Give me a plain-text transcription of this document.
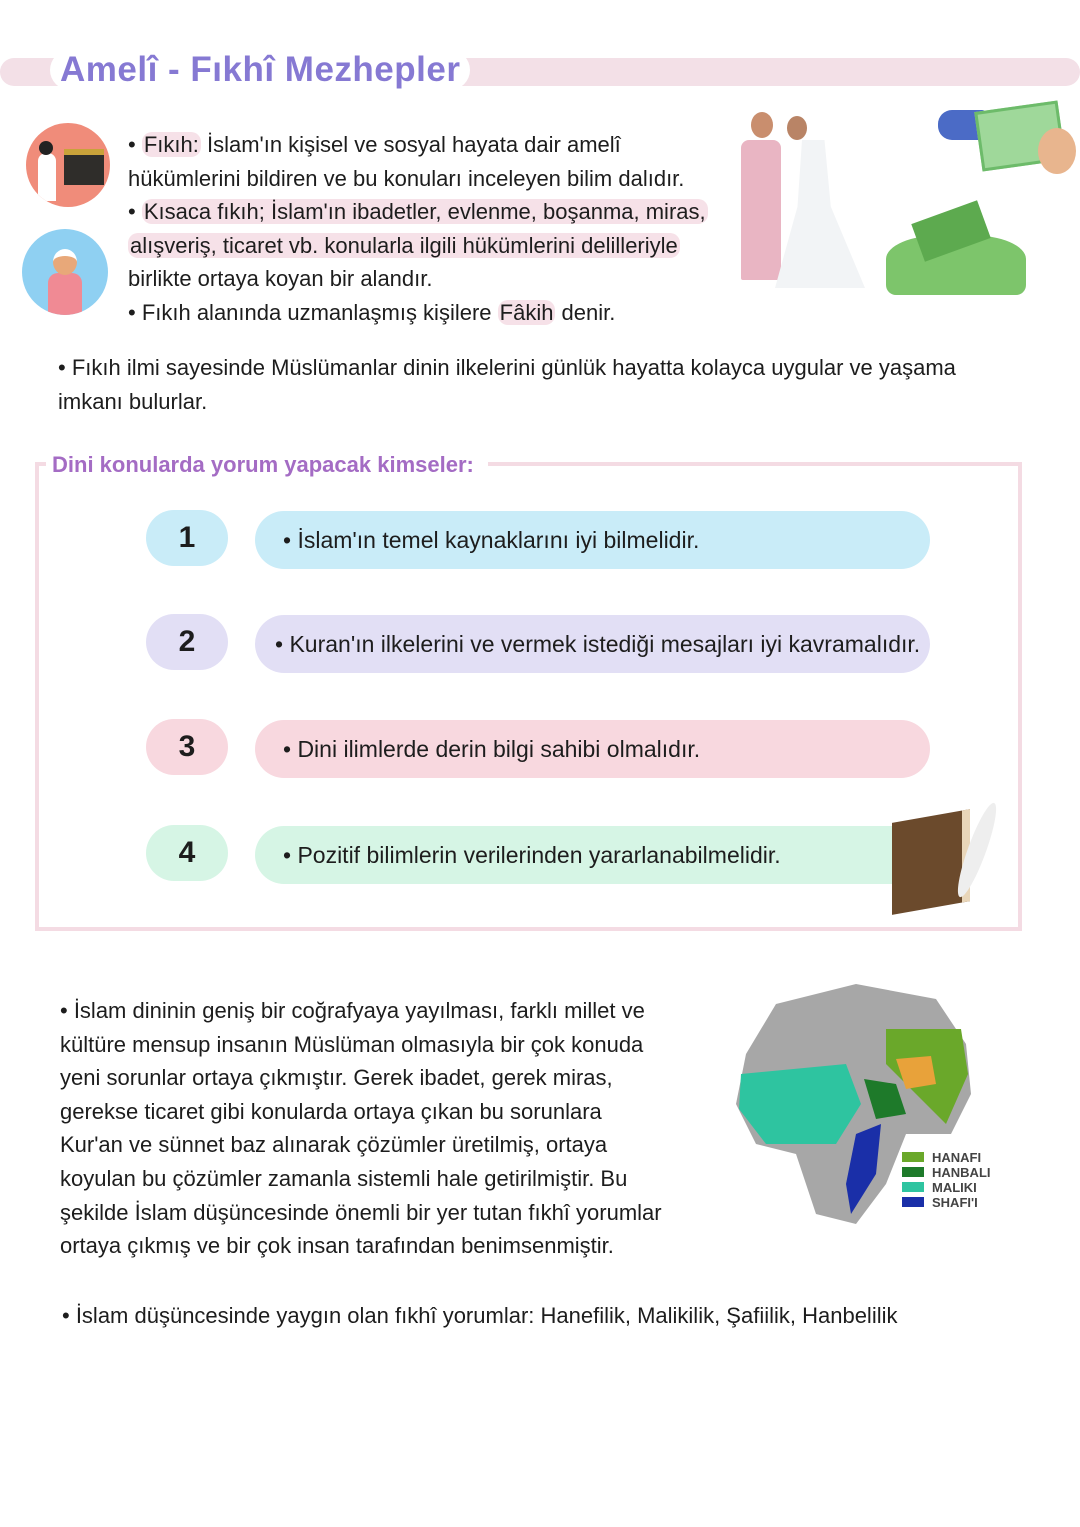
Amelî - Fıkhî Mezhepler
• Fıkıh: İslam'ın kişisel ve sosyal hayata dair amelî
hükümlerini bildiren ve bu konuları inceleyen bilim dalıdır.
• Kısaca fıkıh; İslam'ın ibadetler, evlenme, boşanma, miras,
alışveriş, ticaret vb. konularla ilgili hükümlerini delilleriyle
birlikte ortaya koyan bir alandır.
• Fıkıh alanında uzmanlaşmış kişilere Fâkih denir.
• Fıkıh ilmi sayesinde Müslümanlar dinin ilkelerini günlük hayatta kolayca uygular ve yaşama
imkanı bulurlar.
Dini konularda yorum yapacak kimseler:
1	• İslam'ın temel kaynaklarını iyi bilmelidir.
2	• Kuran'ın ilkelerini ve vermek istediği mesajları iyi kavramalıdır.
3	• Dini ilimlerde derin bilgi sahibi olmalıdır.
4	• Pozitif bilimlerin verilerinden yararlanabilmelidir.
• İslam dininin geniş bir coğrafyaya yayılması, farklı millet ve
kültüre mensup insanın Müslüman olmasıyla bir çok konuda
yeni sorunlar ortaya çıkmıştır. Gerek ibadet, gerek miras,
gerekse ticaret gibi konularda ortaya çıkan bu sorunlara
Kur'an ve sünnet baz alınarak çözümler üretilmiş, ortaya
koyulan bu çözümler zamanla sistemli hale getirilmiştir. Bu
şekilde İslam düşüncesinde önemli bir yer tutan fıkhî yorumlar
ortaya çıkmış ve bir çok insan tarafından benimsenmiştir.
HANAFI
HANBALI
MALIKI
SHAFI'I
• İslam düşüncesinde yaygın olan fıkhî yorumlar: Hanefilik, Malikilik, Şafiilik, Hanbelilik
